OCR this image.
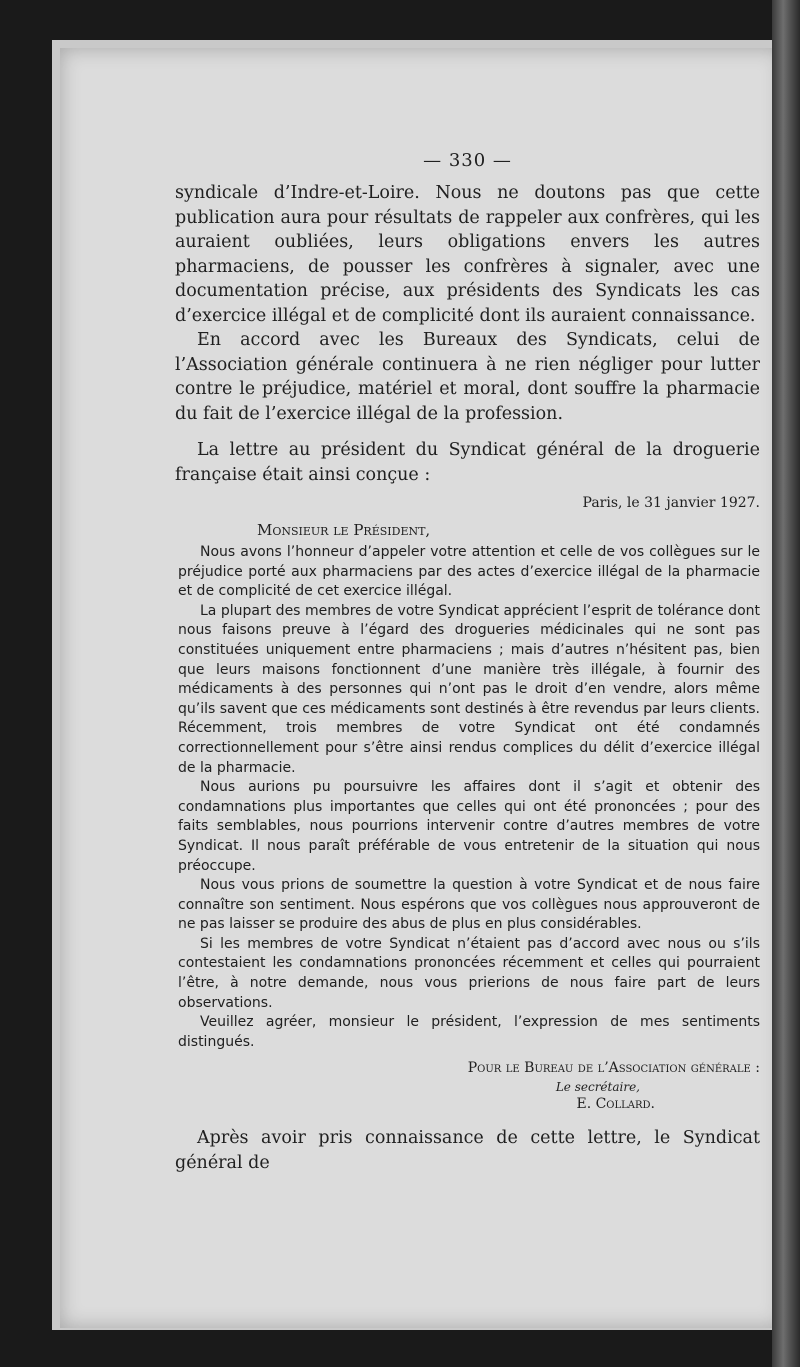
— 330 —

syndicale d’Indre-et-Loire. Nous ne doutons pas que cette publication aura pour résultats de rappeler aux confrères, qui les auraient oubliées, leurs obligations envers les autres pharmaciens, de pousser les confrères à signaler, avec une documentation précise, aux présidents des Syndicats les cas d’exercice illégal et de complicité dont ils auraient connaissance.

En accord avec les Bureaux des Syndicats, celui de l’Association générale continuera à ne rien négliger pour lutter contre le préjudice, matériel et moral, dont souffre la pharmacie du fait de l’exercice illégal de la profession.

La lettre au président du Syndicat général de la droguerie française était ainsi conçue :

Paris, le 31 janvier 1927.
Monsieur le Président,

Nous avons l’honneur d’appeler votre attention et celle de vos collègues sur le préjudice porté aux pharmaciens par des actes d’exercice illégal de la pharmacie et de complicité de cet exercice illégal.

La plupart des membres de votre Syndicat apprécient l’esprit de tolérance dont nous faisons preuve à l’égard des drogueries médicinales qui ne sont pas constituées uniquement entre pharmaciens ; mais d’autres n’hésitent pas, bien que leurs maisons fonctionnent d’une manière très illégale, à fournir des médicaments à des personnes qui n’ont pas le droit d’en vendre, alors même qu’ils savent que ces médicaments sont destinés à être revendus par leurs clients. Récemment, trois membres de votre Syndicat ont été condamnés correctionnellement pour s’être ainsi rendus complices du délit d’exercice illégal de la pharmacie.

Nous aurions pu poursuivre les affaires dont il s’agit et obtenir des condamnations plus importantes que celles qui ont été prononcées ; pour des faits semblables, nous pourrions intervenir contre d’autres membres de votre Syndicat. Il nous paraît préférable de vous entretenir de la situation qui nous préoccupe.

Nous vous prions de soumettre la question à votre Syndicat et de nous faire connaître son sentiment. Nous espérons que vos collègues nous approuveront de ne pas laisser se produire des abus de plus en plus considérables.

Si les membres de votre Syndicat n’étaient pas d’accord avec nous ou s’ils contestaient les condamnations prononcées récemment et celles qui pourraient l’être, à notre demande, nous vous prierions de nous faire part de leurs observations.

Veuillez agréer, monsieur le président, l’expression de mes sentiments distingués.

Pour le Bureau de l’Association générale :
Le secrétaire,
E. Collard.

Après avoir pris connaissance de cette lettre, le Syndicat général de
